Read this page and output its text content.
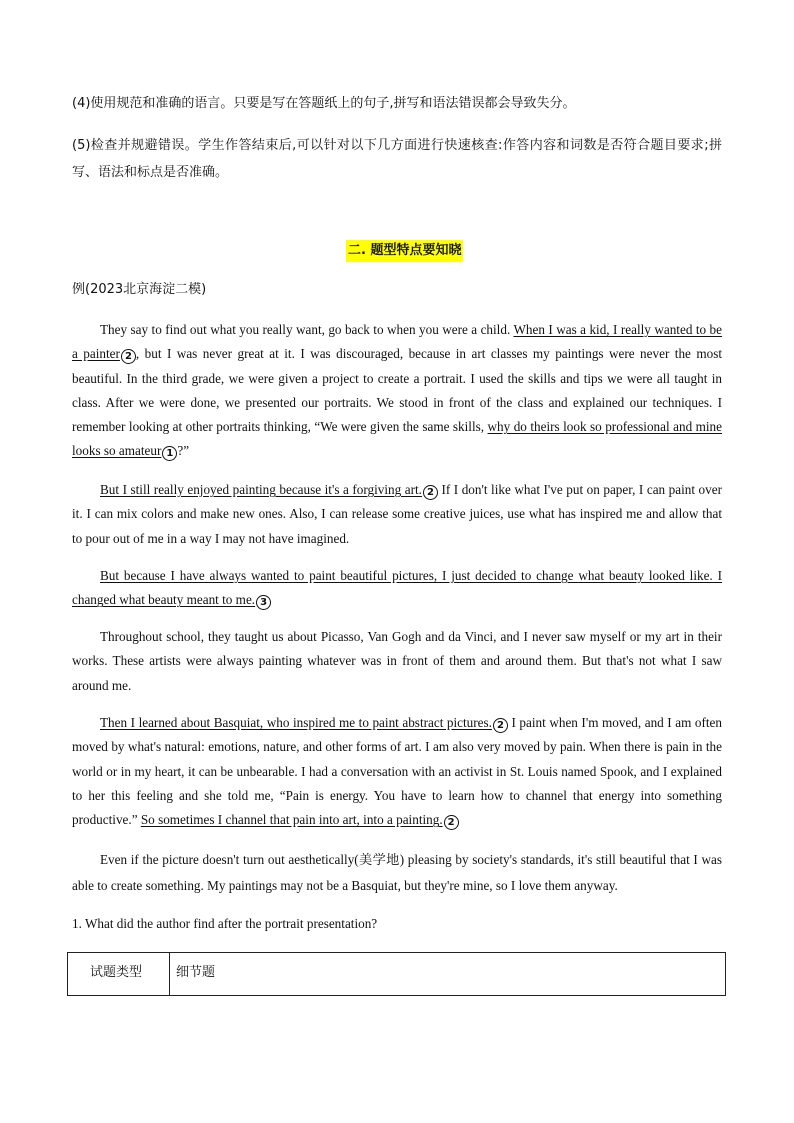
(4)使用规范和准确的语言。只要是写在答题纸上的句子,拼写和语法错误都会导致失分。
(5)检查并规避错误。学生作答结束后,可以针对以下几方面进行快速核查:作答内容和词数是否符合题目要求;拼写、语法和标点是否准确。
二. 题型特点要知晓
例(2023北京海淀二模)
They say to find out what you really want, go back to when you were a child. When I was a kid, I really wanted to be a painter 2 , but I was never great at it. I was discouraged, because in art classes my paintings were never the most beautiful. In the third grade, we were given a project to create a portrait. I used the skills and tips we were all taught in class. After we were done, we presented our portraits. We stood in front of the class and explained our techniques. I remember looking at other portraits thinking, “We were given the same skills, why do theirs look so professional and mine looks so amateur 1 ?”
But I still really enjoyed painting because it's a forgiving art. 2 If I don't like what I've put on paper, I can paint over it. I can mix colors and make new ones. Also, I can release some creative juices, use what has inspired me and allow that to pour out of me in a way I may not have imagined.
But because I have always wanted to paint beautiful pictures, I just decided to change what beauty looked like. I changed what beauty meant to me. 3
Throughout school, they taught us about Picasso, Van Gogh and da Vinci, and I never saw myself or my art in their works. These artists were always painting whatever was in front of them and around them. But that's not what I saw around me.
Then I learned about Basquiat, who inspired me to paint abstract pictures. 2 I paint when I'm moved, and I am often moved by what's natural: emotions, nature, and other forms of art. I am also very moved by pain. When there is pain in the world or in my heart, it can be unbearable. I had a conversation with an activist in St. Louis named Spook, and I explained to her this feeling and she told me, “Pain is energy. You have to learn how to channel that energy into something productive.” So sometimes I channel that pain into art, into a painting. 2
Even if the picture doesn't turn out aesthetically(美学地) pleasing by society's standards, it's still beautiful that I was able to create something. My paintings may not be a Basquiat, but they're mine, so I love them anyway.
1. What did the author find after the portrait presentation?
试题类型	细节题
